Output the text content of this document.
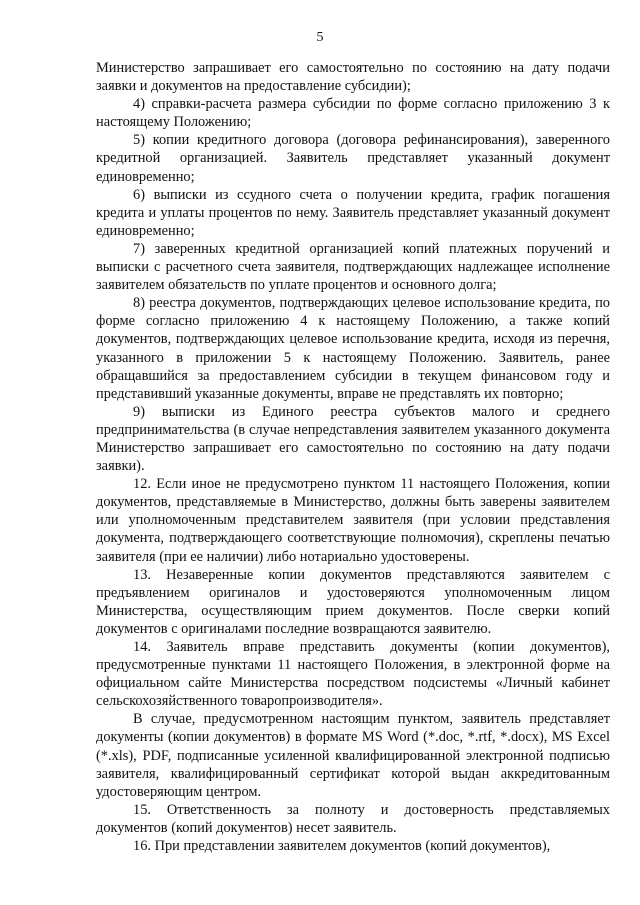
5

Министерство запрашивает его самостоятельно по состоянию на дату подачи заявки и документов на предоставление субсидии);

4) справки-расчета размера субсидии по форме согласно приложению 3 к настоящему Положению;

5) копии кредитного договора (договора рефинансирования), заверенного кредитной организацией. Заявитель представляет указанный документ единовременно;

6) выписки из ссудного счета о получении кредита, график погашения кредита и уплаты процентов по нему. Заявитель представляет указанный документ единовременно;

7) заверенных кредитной организацией копий платежных поручений и выписки с расчетного счета заявителя, подтверждающих надлежащее исполнение заявителем обязательств по уплате процентов и основного долга;

8) реестра документов, подтверждающих целевое использование кредита, по форме согласно приложению 4 к настоящему Положению, а также копий документов, подтверждающих целевое использование кредита, исходя из перечня, указанного в приложении 5 к настоящему Положению. Заявитель, ранее обращавшийся за предоставлением субсидии в текущем финансовом году и представивший указанные документы, вправе не представлять их повторно;

9) выписки из Единого реестра субъектов малого и среднего предпринимательства (в случае непредставления заявителем указанного документа Министерство запрашивает его самостоятельно по состоянию на дату подачи заявки).

12. Если иное не предусмотрено пунктом 11 настоящего Положения, копии документов, представляемые в Министерство, должны быть заверены заявителем или уполномоченным представителем заявителя (при условии представления документа, подтверждающего соответствующие полномочия), скреплены печатью заявителя (при ее наличии) либо нотариально удостоверены.

13. Незаверенные копии документов представляются заявителем с предъявлением оригиналов и удостоверяются уполномоченным лицом Министерства, осуществляющим прием документов. После сверки копий документов с оригиналами последние возвращаются заявителю.

14. Заявитель вправе представить документы (копии документов), предусмотренные пунктами 11 настоящего Положения, в электронной форме на официальном сайте Министерства посредством подсистемы «Личный кабинет сельскохозяйственного товаропроизводителя».

В случае, предусмотренном настоящим пунктом, заявитель представляет документы (копии документов) в формате MS Word (*.doc, *.rtf, *.docx), MS Excel (*.xls), PDF, подписанные усиленной квалифицированной электронной подписью заявителя, квалифицированный сертификат которой выдан аккредитованным удостоверяющим центром.

15. Ответственность за полноту и достоверность представляемых документов (копий документов) несет заявитель.

16. При представлении заявителем документов (копий документов),
